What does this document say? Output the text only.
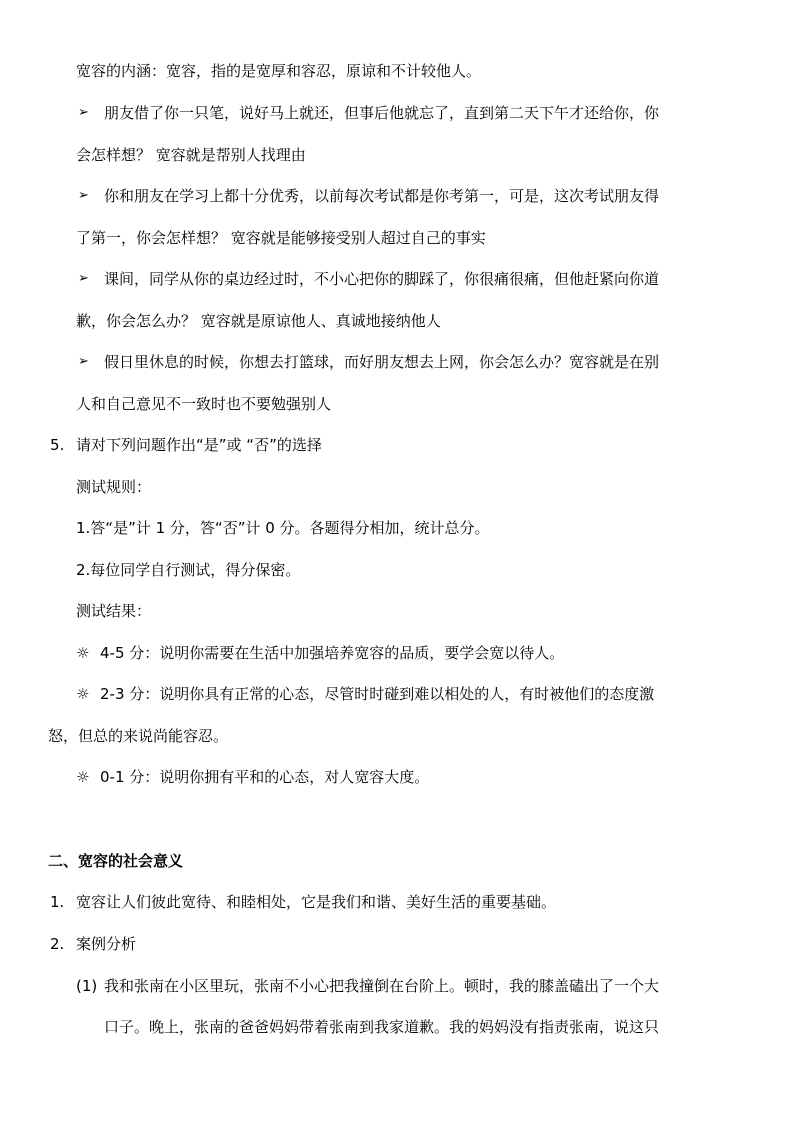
宽容的内涵：宽容，指的是宽厚和容忍，原谅和不计较他人。
➢ 朋友借了你一只笔，说好马上就还，但事后他就忘了，直到第二天下午才还给你，你
会怎样想？ 宽容就是帮别人找理由
➢ 你和朋友在学习上都十分优秀，以前每次考试都是你考第一，可是，这次考试朋友得
了第一，你会怎样想？ 宽容就是能够接受别人超过自己的事实
➢ 课间，同学从你的桌边经过时，不小心把你的脚踩了，你很痛很痛，但他赶紧向你道
歉，你会怎么办？ 宽容就是原谅他人、真诚地接纳他人
➢ 假日里休息的时候，你想去打篮球，而好朋友想去上网，你会怎么办？宽容就是在别
人和自己意见不一致时也不要勉强别人
5. 请对下列问题作出“是”或 “否”的选择
测试规则：
1.答“是”计 1 分，答“否”计 0 分。各题得分相加，统计总分。
2.每位同学自行测试，得分保密。
测试结果：
☼ 4-5 分：说明你需要在生活中加强培养宽容的品质，要学会宽以待人。
☼ 2-3 分：说明你具有正常的心态，尽管时时碰到难以相处的人，有时被他们的态度激
怒，但总的来说尚能容忍。
☼ 0-1 分：说明你拥有平和的心态，对人宽容大度。
二、宽容的社会意义
1. 宽容让人们彼此宽待、和睦相处，它是我们和谐、美好生活的重要基础。
2. 案例分析
(1) 我和张南在小区里玩，张南不小心把我撞倒在台阶上。顿时，我的膝盖磕出了一个大
口子。晚上，张南的爸爸妈妈带着张南到我家道歉。我的妈妈没有指责张南，说这只
